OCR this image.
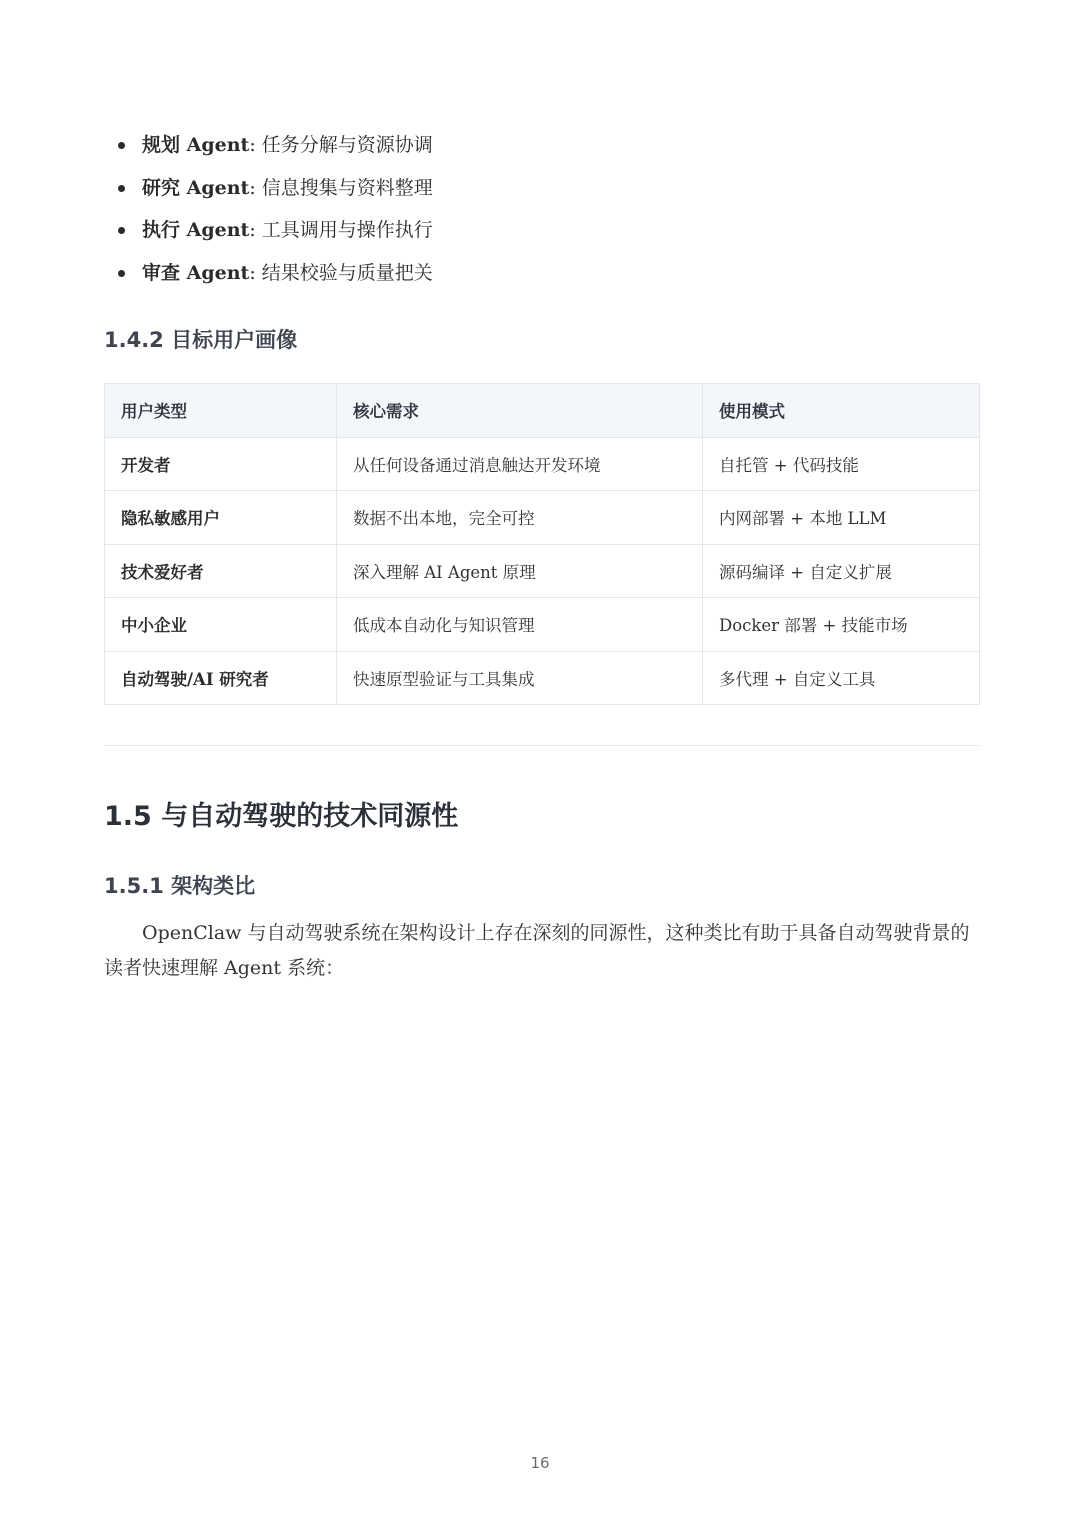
规划 Agent: 任务分解与资源协调
研究 Agent: 信息搜集与资料整理
执行 Agent: 工具调用与操作执行
审查 Agent: 结果校验与质量把关
1.4.2 目标用户画像
用户类型	核心需求	使用模式
开发者	从任何设备通过消息触达开发环境	自托管 + 代码技能
隐私敏感用户	数据不出本地，完全可控	内网部署 + 本地 LLM
技术爱好者	深入理解 AI Agent 原理	源码编译 + 自定义扩展
中小企业	低成本自动化与知识管理	Docker 部署 + 技能市场
自动驾驶/AI 研究者	快速原型验证与工具集成	多代理 + 自定义工具
1.5 与自动驾驶的技术同源性
1.5.1 架构类比

OpenClaw 与自动驾驶系统在架构设计上存在深刻的同源性，这种类比有助于具备自动驾驶背景的读者快速理解 Agent 系统：

16
